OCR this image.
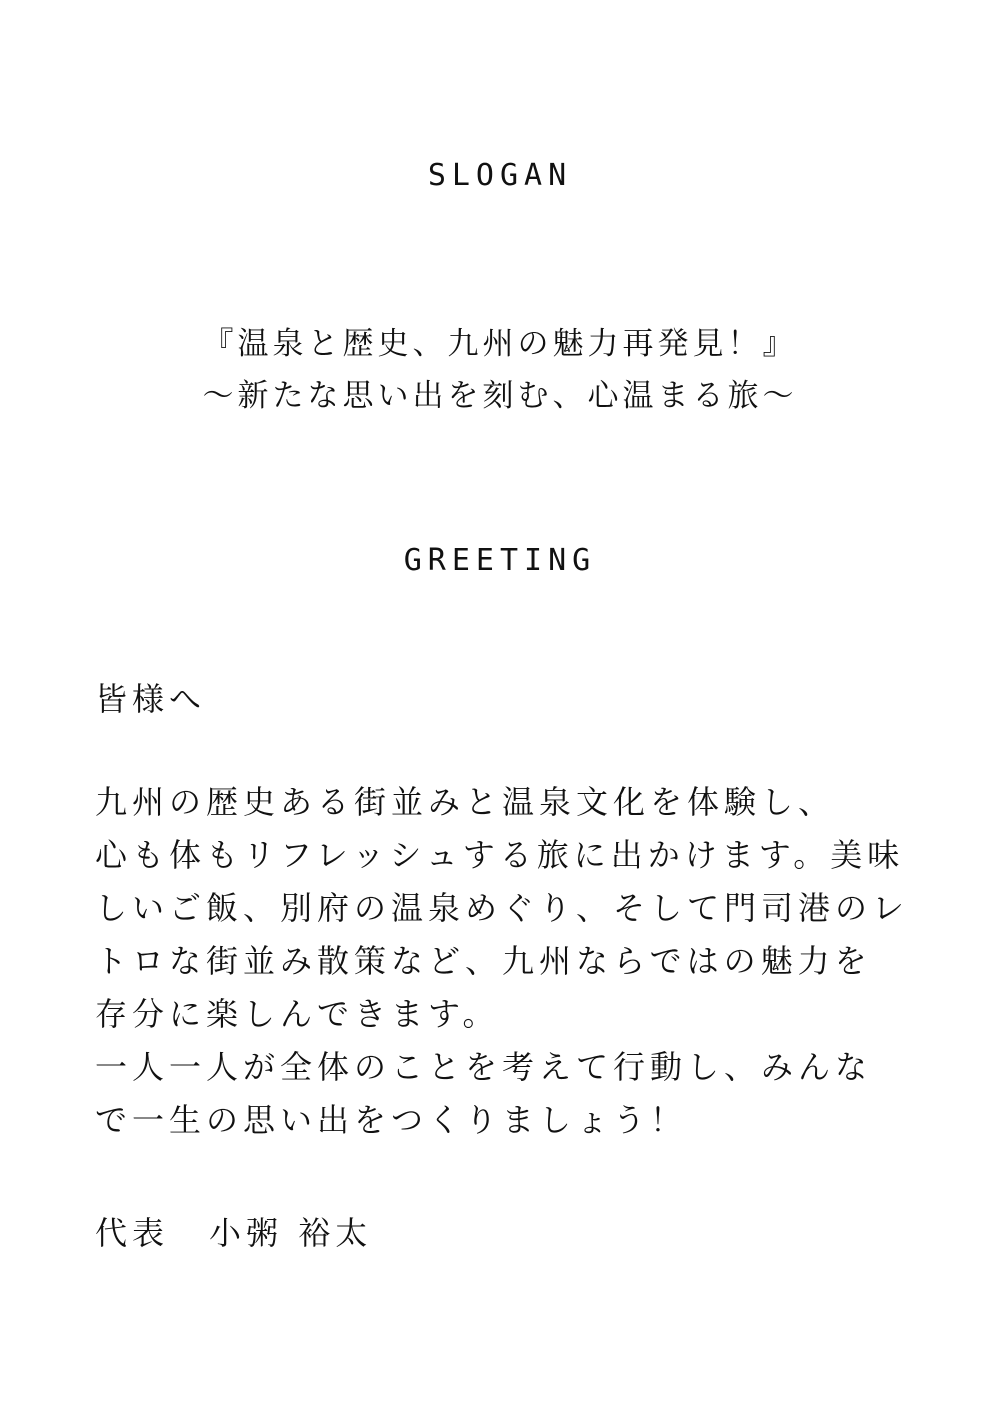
SLOGAN
『温泉と歴史、九州の魅力再発見！』
〜新たな思い出を刻む、心温まる旅〜
GREETING
皆様へ
九州の歴史ある街並みと温泉文化を体験し、
心も体もリフレッシュする旅に出かけます。美味
しいご飯、別府の温泉めぐり、そして門司港のレ
トロな街並み散策など、九州ならではの魅力を
存分に楽しんできます。
一人一人が全体のことを考えて行動し、みんな
で一生の思い出をつくりましょう！
代表 小粥 裕太
